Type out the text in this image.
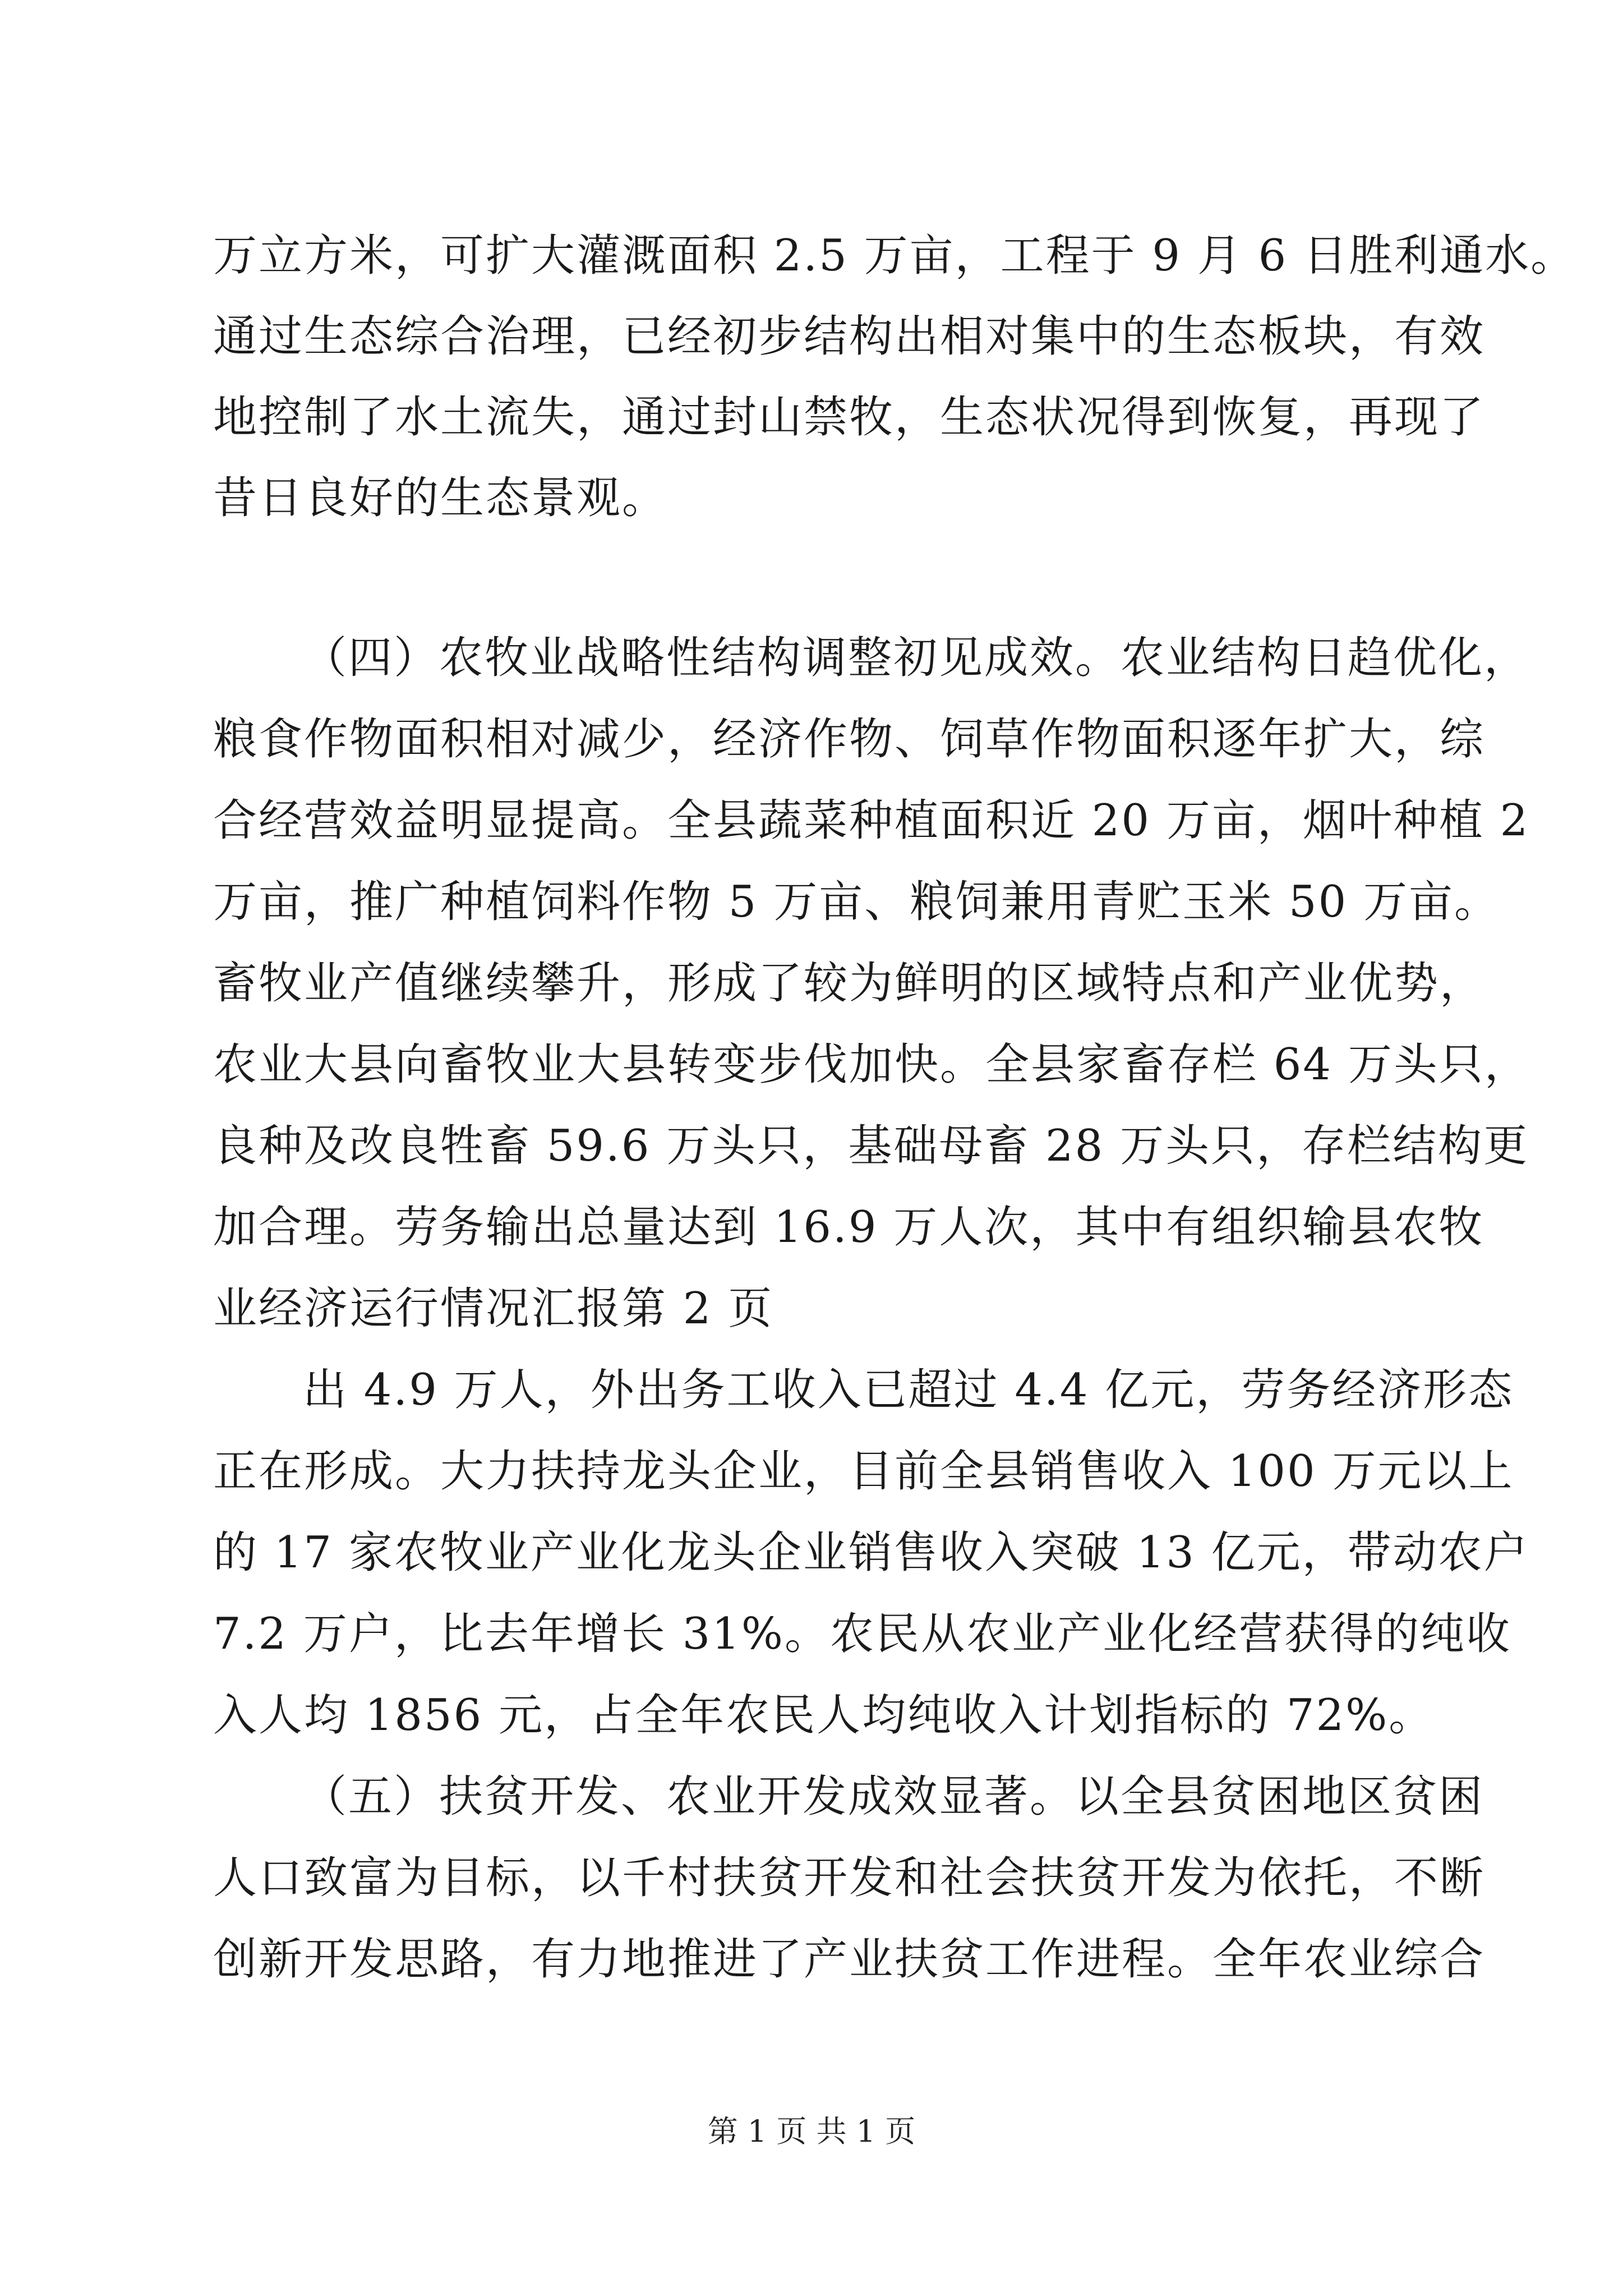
万立方米，可扩大灌溉面积 2.5 万亩，工程于 9 月 6 日胜利通水。
通过生态综合治理，已经初步结构出相对集中的生态板块，有效
地控制了水土流失，通过封山禁牧，生态状况得到恢复，再现了
昔日良好的生态景观。
（四）农牧业战略性结构调整初见成效。农业结构日趋优化，
粮食作物面积相对减少，经济作物、饲草作物面积逐年扩大，综
合经营效益明显提高。全县蔬菜种植面积近 20 万亩，烟叶种植 2
万亩，推广种植饲料作物 5 万亩、粮饲兼用青贮玉米 50 万亩。
畜牧业产值继续攀升，形成了较为鲜明的区域特点和产业优势，
农业大县向畜牧业大县转变步伐加快。全县家畜存栏 64 万头只，
良种及改良牲畜 59.6 万头只，基础母畜 28 万头只，存栏结构更
加合理。劳务输出总量达到 16.9 万人次，其中有组织输县农牧
业经济运行情况汇报第 2 页
出 4.9 万人，外出务工收入已超过 4.4 亿元，劳务经济形态
正在形成。大力扶持龙头企业，目前全县销售收入 100 万元以上
的 17 家农牧业产业化龙头企业销售收入突破 13 亿元，带动农户
7.2 万户，比去年增长 31%。农民从农业产业化经营获得的纯收
入人均 1856 元，占全年农民人均纯收入计划指标的 72%。
（五）扶贫开发、农业开发成效显著。以全县贫困地区贫困
人口致富为目标，以千村扶贫开发和社会扶贫开发为依托，不断
创新开发思路，有力地推进了产业扶贫工作进程。全年农业综合
第 1 页 共 1 页
